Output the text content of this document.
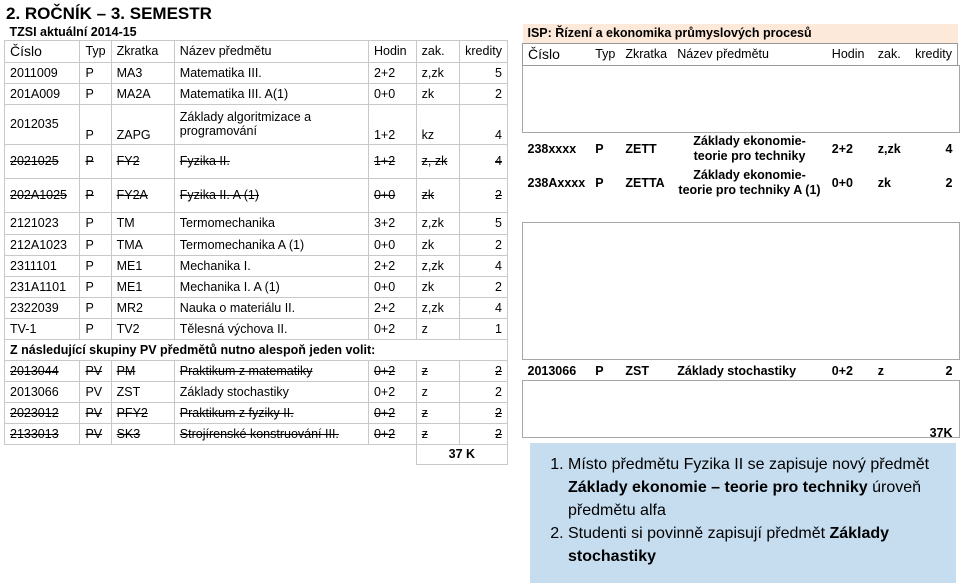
2. ROČNÍK – 3. SEMESTR
TZSI aktuální 2014-15						
Číslo	Typ	Zkratka	Název předmětu	Hodin	zak.	kredity
2011009	P	MA3	Matematika III.	2+2	z,zk	5
201A009	P	MA2A	Matematika III. A(1)	0+0	zk	2
2012035	P	ZAPG	Základy algoritmizace a
programování	1+2	kz	4
2021025	P	FY2	Fyzika II.	1+2	z, zk	4
202A1025	P	FY2A	Fyzika II. A (1)	0+0	zk	2
2121023	P	TM	Termomechanika	3+2	z,zk	5
212A1023	P	TMA	Termomechanika A (1)	0+0	zk	2
2311101	P	ME1	Mechanika I.	2+2	z,zk	4
231A1101	P	ME1	Mechanika I. A (1)	0+0	zk	2
2322039	P	MR2	Nauka o materiálu II.	2+2	z,zk	4
TV-1	P	TV2	Tělesná výchova II.	0+2	z	1
Z následující skupiny PV předmětů nutno alespoň jeden volit:						
2013044	PV	PM	Praktikum z matematiky	0+2	z	2
2013066	PV	ZST	Základy stochastiky	0+2	z	2
2023012	PV	PFY2	Praktikum z fyziky II.	0+2	z	2
2133013	PV	SK3	Strojírenské konstruování III.	0+2	z	2
					37 K	
ISP: Řízení a ekonomika průmyslových procesů						
Číslo	Typ	Zkratka	Název předmětu	Hodin	zak.	kredity

238xxxx	P	ZETT	Základy ekonomie-
teorie pro techniky	2+2	z,zk	4
238Axxxx	P	ZETTA	Základy ekonomie-
teorie pro techniky A (1)	0+0	zk	2

2013066	P	ZST	Základy stochastiky	0+2	z	2

						37K
1. Místo předmětu Fyzika II se zapisuje nový předmět Základy ekonomie – teorie pro techniky úroveň předmětu alfa
2. Studenti si povinně zapisují předmět Základy stochastiky
